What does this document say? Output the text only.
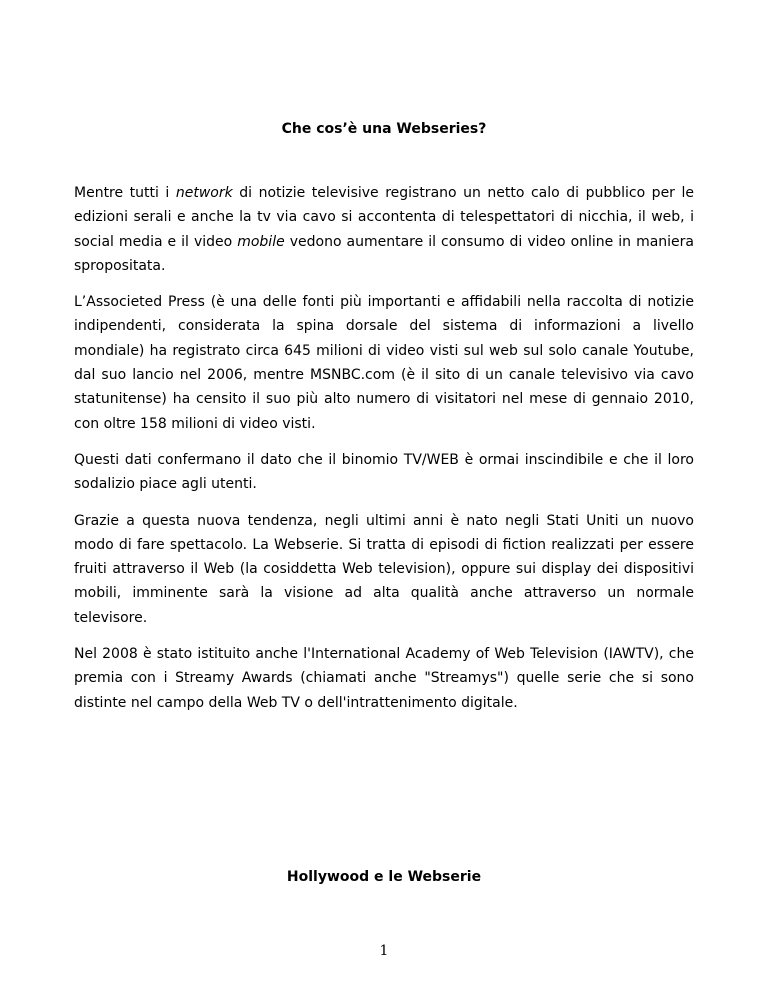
Che cos’è una Webseries?

Mentre tutti i network di notizie televisive registrano un netto calo di pubblico per le edizioni serali e anche la tv via cavo si accontenta di telespettatori di nicchia, il web, i social media e il video mobile vedono aumentare il consumo di video online in maniera spropositata.

L’Associeted Press (è una delle fonti più importanti e affidabili nella raccolta di notizie indipendenti, considerata la spina dorsale del sistema di informazioni a livello mondiale) ha registrato circa 645 milioni di video visti sul web sul solo canale Youtube, dal suo lancio nel 2006, mentre MSNBC.com (è il sito di un canale televisivo via cavo statunitense) ha censito il suo più alto numero di visitatori nel mese di gennaio 2010, con oltre 158 milioni di video visti.

Questi dati confermano il dato che il binomio TV/WEB è ormai inscindibile e che il loro sodalizio piace agli utenti.

Grazie a questa nuova tendenza, negli ultimi anni è nato negli Stati Uniti un nuovo modo di fare spettacolo. La Webserie. Si tratta di episodi di fiction realizzati per essere fruiti attraverso il Web (la cosiddetta Web television), oppure sui display dei dispositivi mobili, imminente sarà la visione ad alta qualità anche attraverso un normale televisore.

Nel 2008 è stato istituito anche l'International Academy of Web Television (IAWTV), che premia con i Streamy Awards (chiamati anche "Streamys") quelle serie che si sono distinte nel campo della Web TV o dell'intrattenimento digitale.

Hollywood e le Webserie

1
